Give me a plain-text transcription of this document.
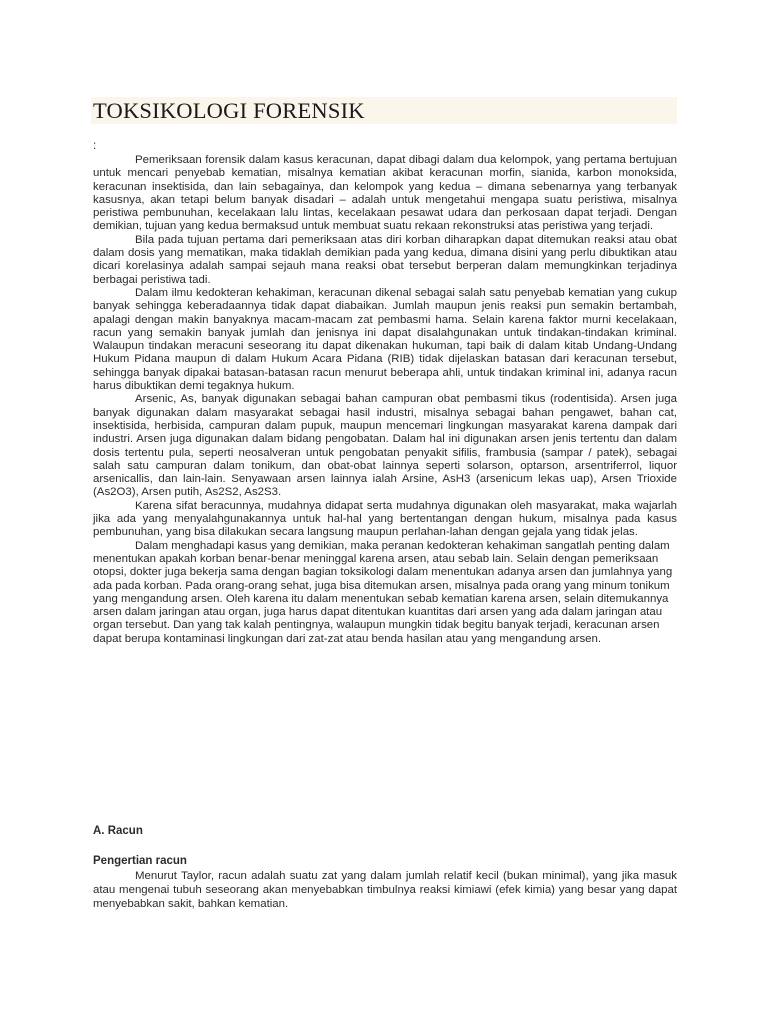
TOKSIKOLOGI FORENSIK
:

Pemeriksaan forensik dalam kasus keracunan, dapat dibagi dalam dua kelompok, yang pertama bertujuan untuk mencari penyebab kematian, misalnya kematian akibat keracunan morfin, sianida, karbon monoksida, keracunan insektisida, dan lain sebagainya, dan kelompok yang kedua – dimana sebenarnya yang terbanyak kasusnya, akan tetapi belum banyak disadari – adalah untuk mengetahui mengapa suatu peristiwa, misalnya peristiwa pembunuhan, kecelakaan lalu lintas, kecelakaan pesawat udara dan perkosaan dapat terjadi. Dengan demikian, tujuan yang kedua bermaksud untuk membuat suatu rekaan rekonstruksi atas peristiwa yang terjadi.

Bila pada tujuan pertama dari pemeriksaan atas diri korban diharapkan dapat ditemukan reaksi atau obat dalam dosis yang mematikan, maka tidaklah demikian pada yang kedua, dimana disini yang perlu dibuktikan atau dicari korelasinya adalah sampai sejauh mana reaksi obat tersebut berperan dalam memungkinkan terjadinya berbagai peristiwa tadi.

Dalam ilmu kedokteran kehakiman, keracunan dikenal sebagai salah satu penyebab kematian yang cukup banyak sehingga keberadaannya tidak dapat diabaikan. Jumlah maupun jenis reaksi pun semakin bertambah, apalagi dengan makin banyaknya macam-macam zat pembasmi hama. Selain karena faktor murni kecelakaan, racun yang semakin banyak jumlah dan jenisnya ini dapat disalahgunakan untuk tindakan-tindakan kriminal. Walaupun tindakan meracuni seseorang itu dapat dikenakan hukuman, tapi baik di dalam kitab Undang-Undang Hukum Pidana maupun di dalam Hukum Acara Pidana (RIB) tidak dijelaskan batasan dari keracunan tersebut, sehingga banyak dipakai batasan-batasan racun menurut beberapa ahli, untuk tindakan kriminal ini, adanya racun harus dibuktikan demi tegaknya hukum.

Arsenic, As, banyak digunakan sebagai bahan campuran obat pembasmi tikus (rodentisida). Arsen juga banyak digunakan dalam masyarakat sebagai hasil industri, misalnya sebagai bahan pengawet, bahan cat, insektisida, herbisida, campuran dalam pupuk, maupun mencemari lingkungan masyarakat karena dampak dari industri. Arsen juga digunakan dalam bidang pengobatan. Dalam hal ini digunakan arsen jenis tertentu dan dalam dosis tertentu pula, seperti neosalveran untuk pengobatan penyakit sifilis, frambusia (sampar / patek), sebagai salah satu campuran dalam tonikum, dan obat-obat lainnya seperti solarson, optarson, arsentriferrol, liquor arsenicallis, dan lain-lain. Senyawaan arsen lainnya ialah Arsine, AsH3 (arsenicum lekas uap), Arsen Trioxide (As2O3), Arsen putih, As2S2, As2S3.

Karena sifat beracunnya, mudahnya didapat serta mudahnya digunakan oleh masyarakat, maka wajarlah jika ada yang menyalahgunakannya untuk hal-hal yang bertentangan dengan hukum, misalnya pada kasus pembunuhan, yang bisa dilakukan secara langsung maupun perlahan-lahan dengan gejala yang tidak jelas.

Dalam menghadapi kasus yang demikian, maka peranan kedokteran kehakiman sangatlah penting dalam menentukan apakah korban benar-benar meninggal karena arsen, atau sebab lain. Selain dengan pemeriksaan otopsi, dokter juga bekerja sama dengan bagian toksikologi dalam menentukan adanya arsen dan jumlahnya yang ada pada korban. Pada orang-orang sehat, juga bisa ditemukan arsen, misalnya pada orang yang minum tonikum yang mengandung arsen. Oleh karena itu dalam menentukan sebab kematian karena arsen, selain ditemukannya arsen dalam jaringan atau organ, juga harus dapat ditentukan kuantitas dari arsen yang ada dalam jaringan atau organ tersebut. Dan yang tak kalah pentingnya, walaupun mungkin tidak begitu banyak terjadi, keracunan arsen dapat berupa kontaminasi lingkungan dari zat-zat atau benda hasilan atau yang mengandung arsen.

A. Racun
Pengertian racun

Menurut Taylor, racun adalah suatu zat yang dalam jumlah relatif kecil (bukan minimal), yang jika masuk atau mengenai tubuh seseorang akan menyebabkan timbulnya reaksi kimiawi (efek kimia) yang besar yang dapat menyebabkan sakit, bahkan kematian.
